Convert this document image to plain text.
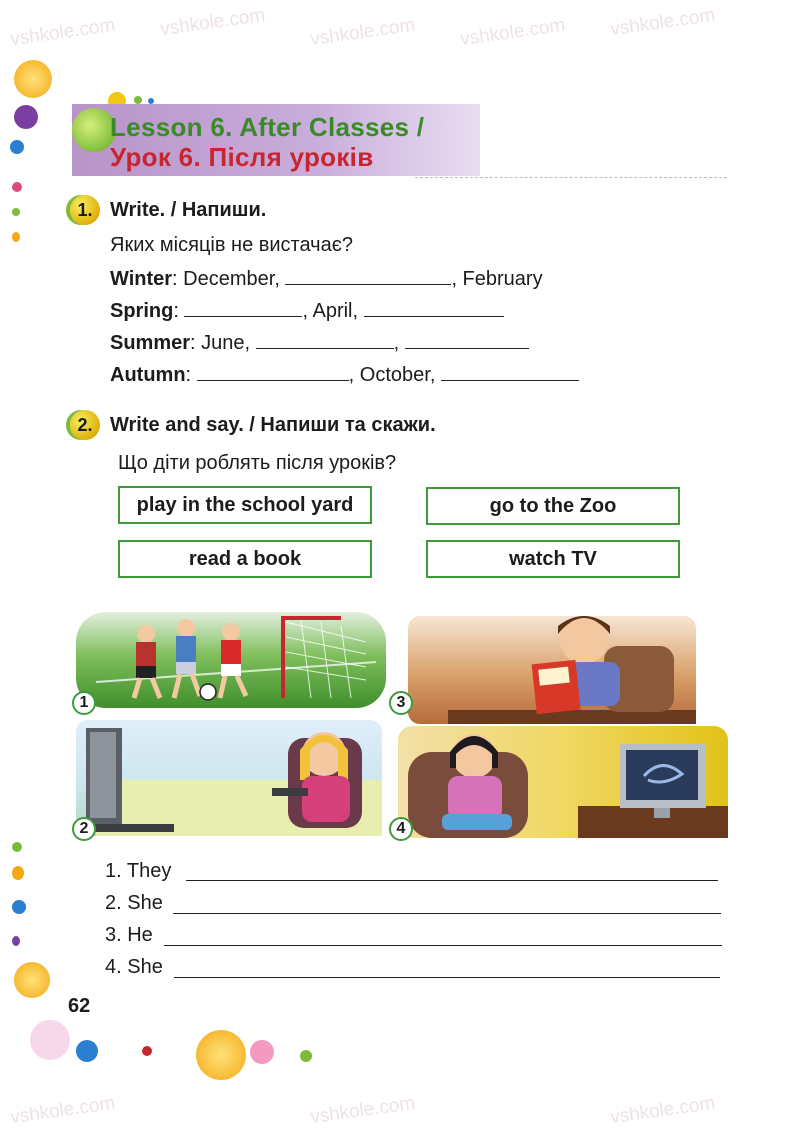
vshkole.com vshkole.com vshkole.com vshkole.com vshkole.com
vshkole.com	vshkole.com	vshkole.com
Lesson 6. After Classes /
Урок 6. Після уроків
1. Write. / Напиши.
Яких місяців не вистачає?
Winter: December,	, February
Spring:	, April,
Summer: June,	,
Autumn:	, October,
2. Write and say. / Напиши та скажи.
Що діти роблять після уроків?
play in the school yard	go to the Zoo
read a book	watch TV
1	3
2	4
1. They
2. She
3. He
4. She
62
